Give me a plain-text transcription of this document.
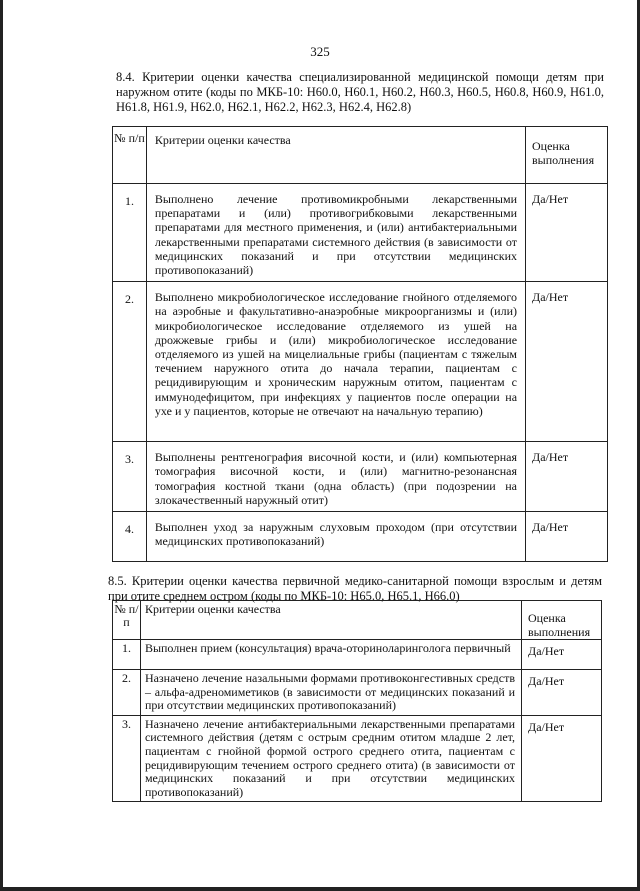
325
8.4. Критерии оценки качества специализированной медицинской помощи детям при наружном отите (коды по МКБ-10: H60.0, H60.1, H60.2, H60.3, H60.5, H60.8, H60.9, H61.0, H61.8, H61.9, H62.0, H62.1, H62.2, H62.3, H62.4, H62.8)
№ п/п	Критерии оценки качества	Оценка выполнения
1.	Выполнено лечение противомикробными лекарственными препаратами и (или) противогрибковыми лекарственными препаратами для местного применения, и (или) антибактериальными лекарственными препаратами системного действия (в зависимости от медицинских показаний и при отсутствии медицинских противопоказаний)	Да/Нет
2.	Выполнено микробиологическое исследование гнойного отделяемого на аэробные и факультативно-анаэробные микроорганизмы и (или) микробиологическое исследование отделяемого из ушей на дрожжевые грибы и (или) микробиологическое исследование отделяемого из ушей на мицелиальные грибы (пациентам с тяжелым течением наружного отита до начала терапии, пациентам с рецидивирующим и хроническим наружным отитом, пациентам с иммунодефицитом, при инфекциях у пациентов после операции на ухе и у пациентов, которые не отвечают на начальную терапию)	Да/Нет
3.	Выполнены рентгенография височной кости, и (или) компьютерная томография височной кости, и (или) магнитно-резонансная томография костной ткани (одна область) (при подозрении на злокачественный наружный отит)	Да/Нет
4.	Выполнен уход за наружным слуховым проходом (при отсутствии медицинских противопоказаний)	Да/Нет
8.5. Критерии оценки качества первичной медико-санитарной помощи взрослым и детям при отите среднем остром (коды по МКБ-10: H65.0, H65.1, H66.0)
№ п/п	Критерии оценки качества	Оценка выполнения
1.	Выполнен прием (консультация) врача-оториноларинголога первичный	Да/Нет
2.	Назначено лечение назальными формами противоконгестивных средств – альфа-адреномиметиков (в зависимости от медицинских показаний и при отсутствии медицинских противопоказаний)	Да/Нет
3.	Назначено лечение антибактериальными лекарственными препаратами системного действия (детям с острым средним отитом младше 2 лет, пациентам с гнойной формой острого среднего отита, пациентам с рецидивирующим течением острого среднего отита) (в зависимости от медицинских показаний и при отсутствии медицинских противопоказаний)	Да/Нет
